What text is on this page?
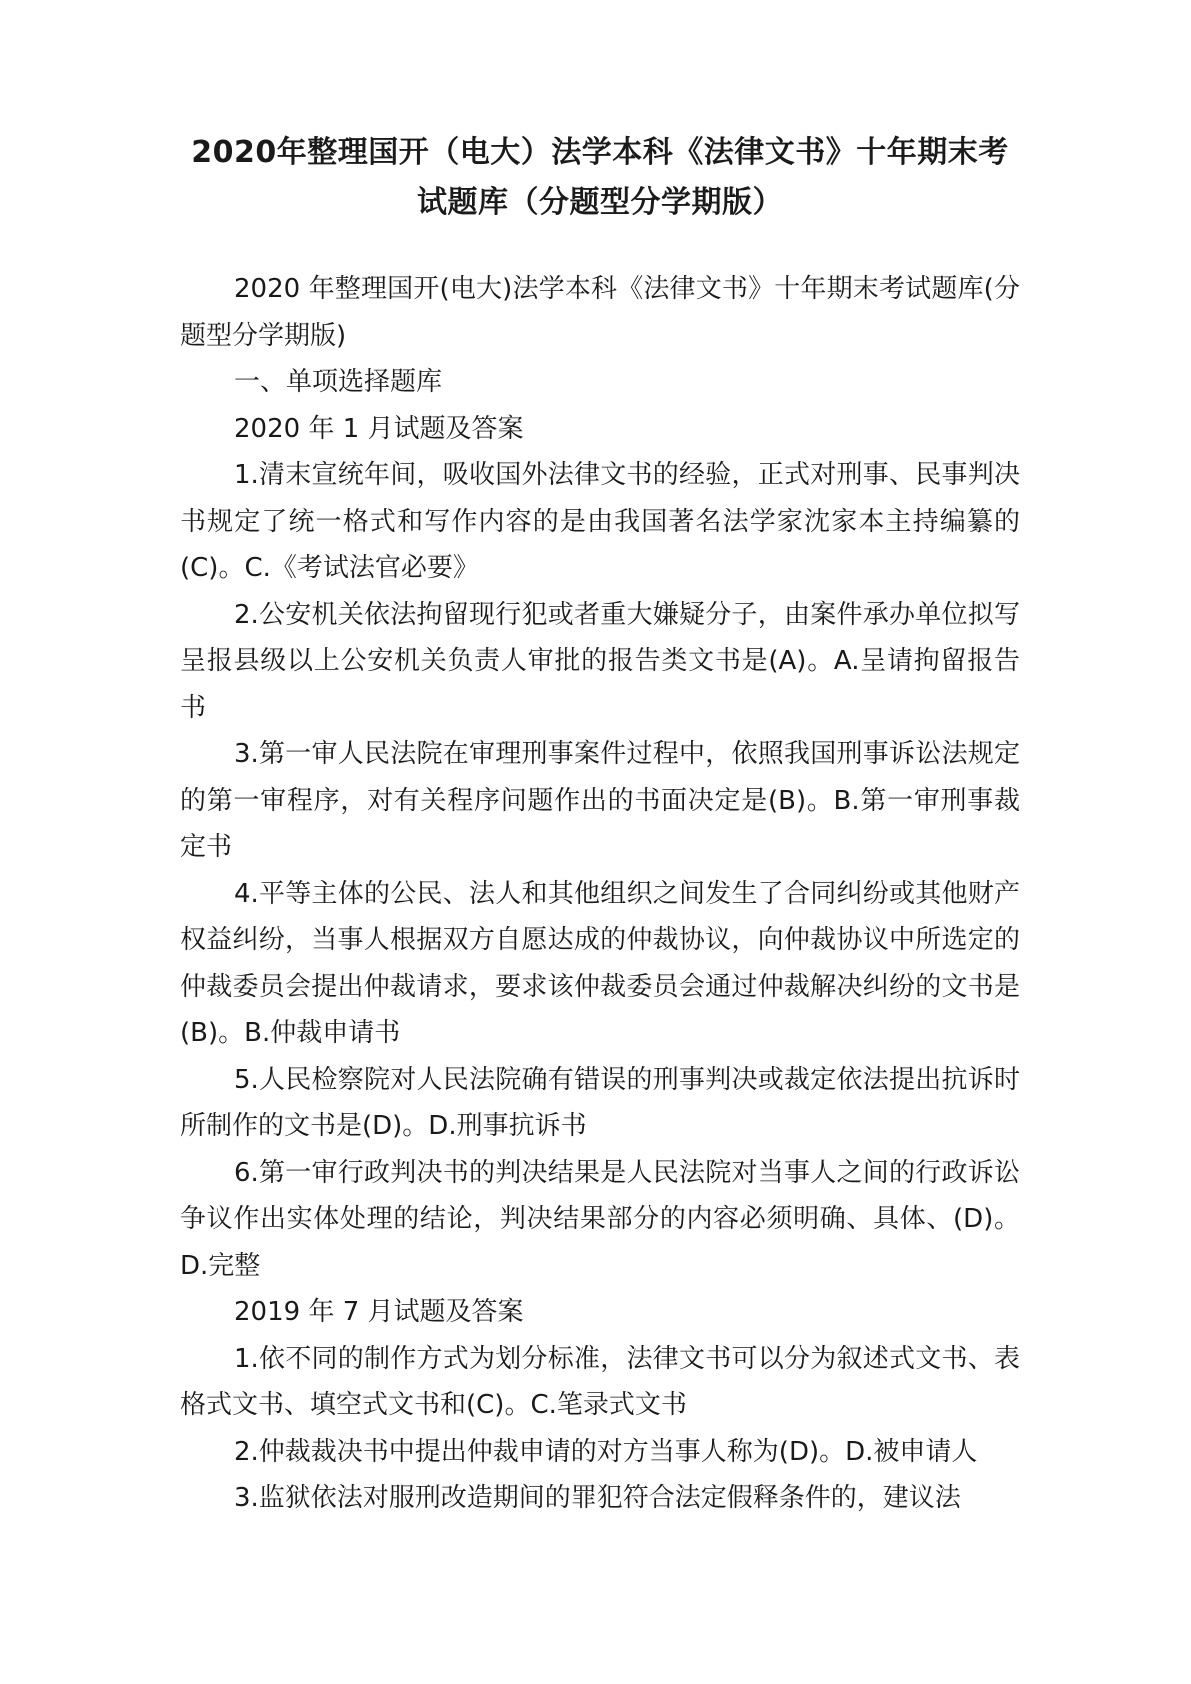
2020年整理国开（电大）法学本科《法律文书》十年期末考
试题库（分题型分学期版）

2020 年整理国开(电大)法学本科《法律文书》十年期末考试题库(分题型分学期版)

一、单项选择题库

2020 年 1 月试题及答案

1.清末宣统年间，吸收国外法律文书的经验，正式对刑事、民事判决书规定了统一格式和写作内容的是由我国著名法学家沈家本主持编纂的(C)。C.《考试法官必要》

2.公安机关依法拘留现行犯或者重大嫌疑分子，由案件承办单位拟写呈报县级以上公安机关负责人审批的报告类文书是(A)。A.呈请拘留报告书

3.第一审人民法院在审理刑事案件过程中，依照我国刑事诉讼法规定的第一审程序，对有关程序问题作出的书面决定是(B)。B.第一审刑事裁定书

4.平等主体的公民、法人和其他组织之间发生了合同纠纷或其他财产权益纠纷，当事人根据双方自愿达成的仲裁协议，向仲裁协议中所选定的仲裁委员会提出仲裁请求，要求该仲裁委员会通过仲裁解决纠纷的文书是(B)。B.仲裁申请书

5.人民检察院对人民法院确有错误的刑事判决或裁定依法提出抗诉时所制作的文书是(D)。D.刑事抗诉书

6.第一审行政判决书的判决结果是人民法院对当事人之间的行政诉讼争议作出实体处理的结论，判决结果部分的内容必须明确、具体、(D)。D.完整

2019 年 7 月试题及答案

1.依不同的制作方式为划分标准，法律文书可以分为叙述式文书、表格式文书、填空式文书和(C)。C.笔录式文书

2.仲裁裁决书中提出仲裁申请的对方当事人称为(D)。D.被申请人

3.监狱依法对服刑改造期间的罪犯符合法定假释条件的，建议法
